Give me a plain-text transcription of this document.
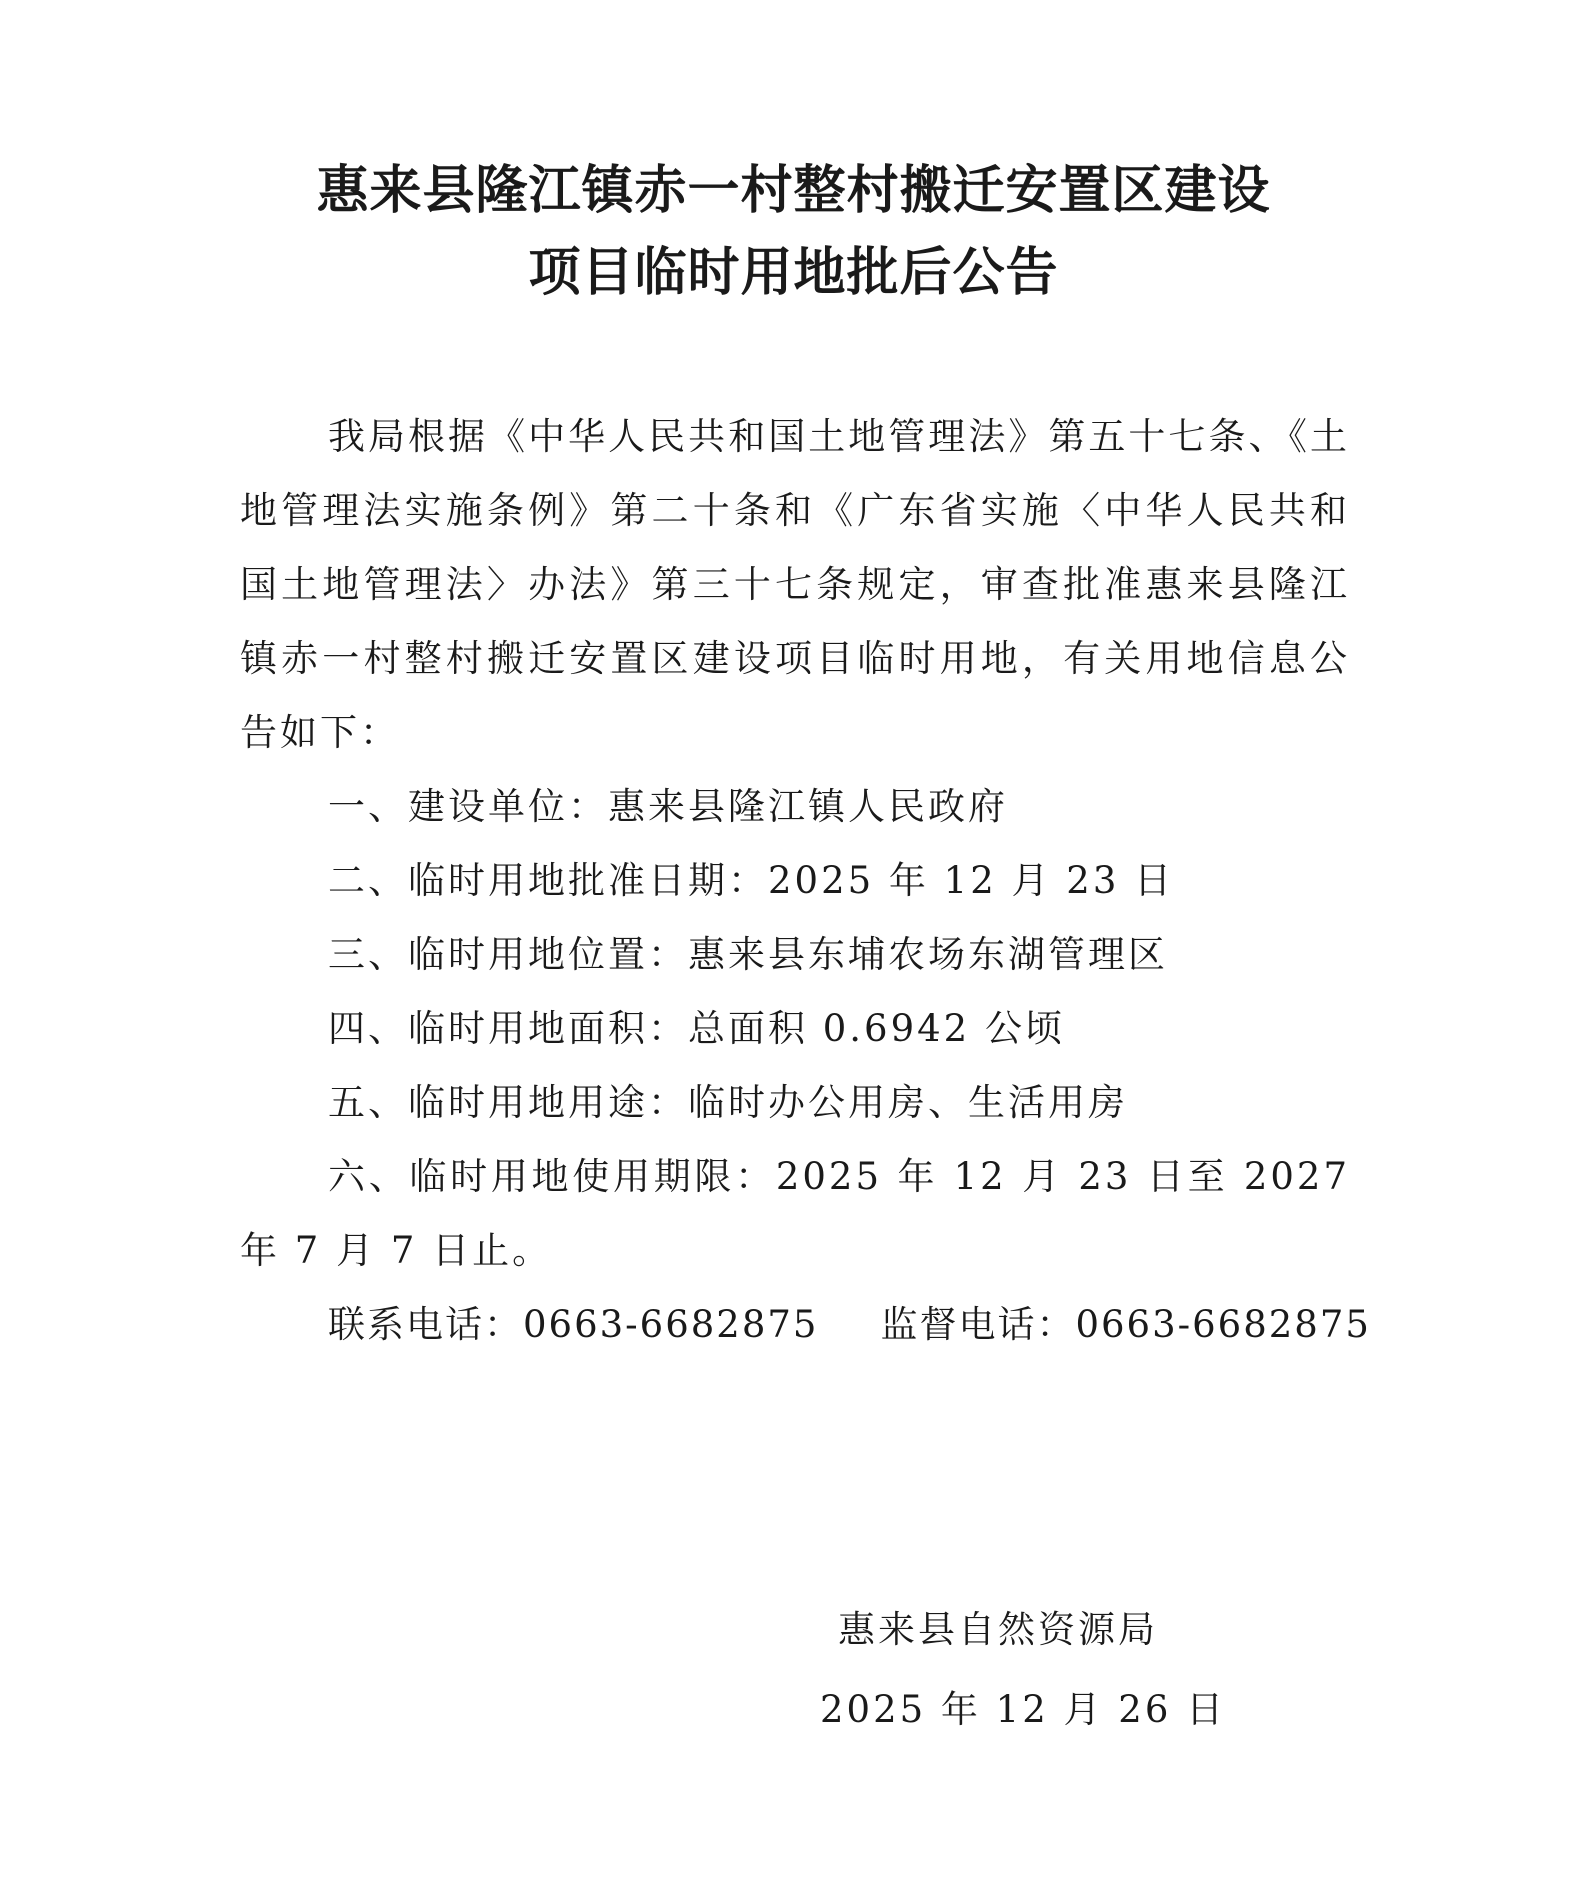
惠来县隆江镇赤一村整村搬迁安置区建设
项目临时用地批后公告

我局根据《中华人民共和国土地管理法》第五十七条、《土地管理法实施条例》第二十条和《广东省实施〈中华人民共和国土地管理法〉办法》第三十七条规定，审查批准惠来县隆江镇赤一村整村搬迁安置区建设项目临时用地，有关用地信息公告如下：

一、建设单位：惠来县隆江镇人民政府

二、临时用地批准日期：2025 年 12 月 23 日

三、临时用地位置：惠来县东埔农场东湖管理区

四、临时用地面积：总面积 0.6942 公顷

五、临时用地用途：临时办公用房、生活用房

六、临时用地使用期限：2025 年 12 月 23 日至 2027 年 7 月 7 日止。

联系电话：0663-6682875 监督电话：0663-6682875

惠来县自然资源局
2025 年 12 月 26 日
